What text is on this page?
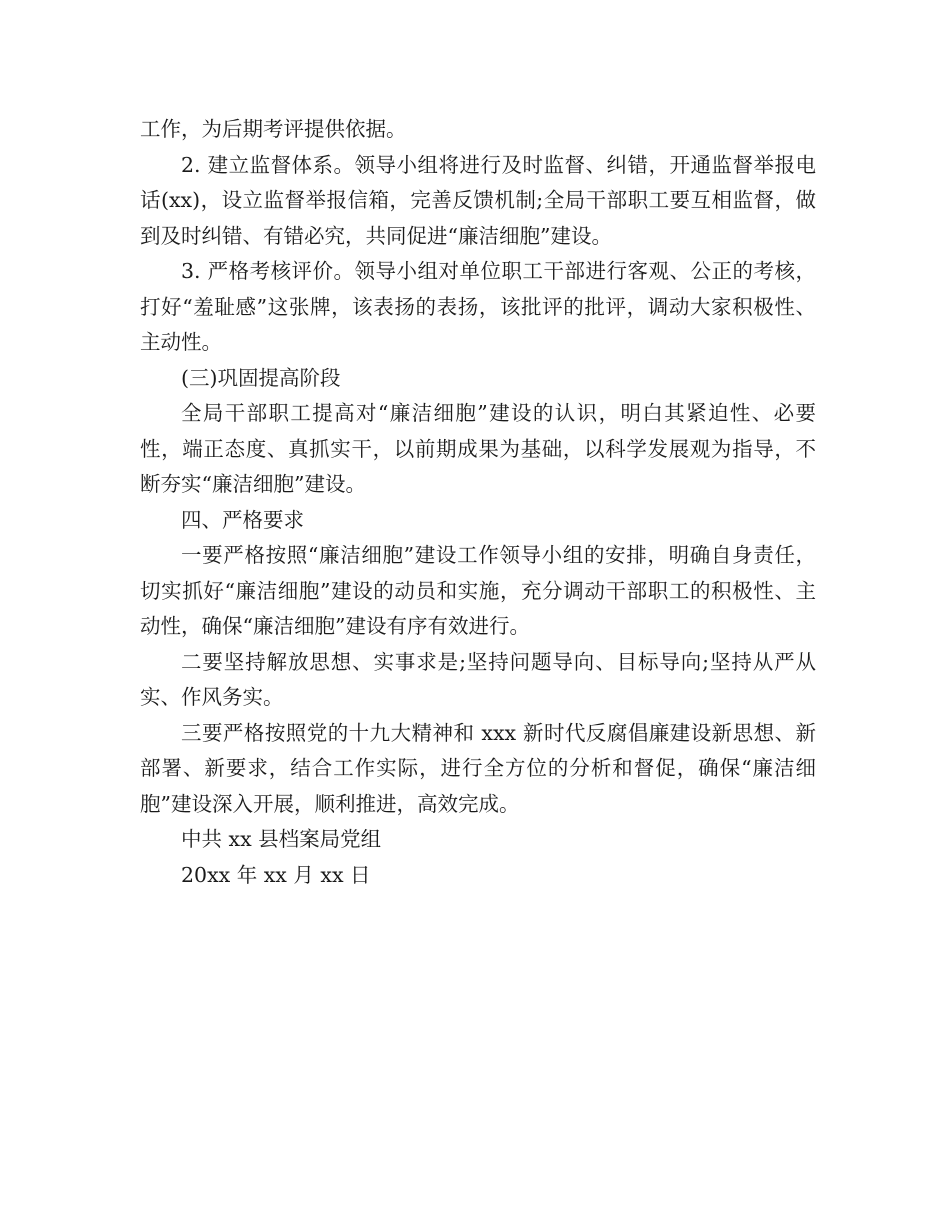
工作，为后期考评提供依据。

2. 建立监督体系。领导小组将进行及时监督、纠错，开通监督举报电话(xx)，设立监督举报信箱，完善反馈机制;全局干部职工要互相监督，做到及时纠错、有错必究，共同促进“廉洁细胞”建设。

3. 严格考核评价。领导小组对单位职工干部进行客观、公正的考核，打好“羞耻感”这张牌，该表扬的表扬，该批评的批评，调动大家积极性、主动性。

(三)巩固提高阶段

全局干部职工提高对“廉洁细胞”建设的认识，明白其紧迫性、必要性，端正态度、真抓实干，以前期成果为基础，以科学发展观为指导，不断夯实“廉洁细胞”建设。

四、严格要求

一要严格按照“廉洁细胞”建设工作领导小组的安排，明确自身责任，切实抓好“廉洁细胞”建设的动员和实施，充分调动干部职工的积极性、主动性，确保“廉洁细胞”建设有序有效进行。

二要坚持解放思想、实事求是;坚持问题导向、目标导向;坚持从严从实、作风务实。

三要严格按照党的十九大精神和 xxx 新时代反腐倡廉建设新思想、新部署、新要求，结合工作实际，进行全方位的分析和督促，确保“廉洁细胞”建设深入开展，顺利推进，高效完成。

中共 xx 县档案局党组

20xx 年 xx 月 xx 日
